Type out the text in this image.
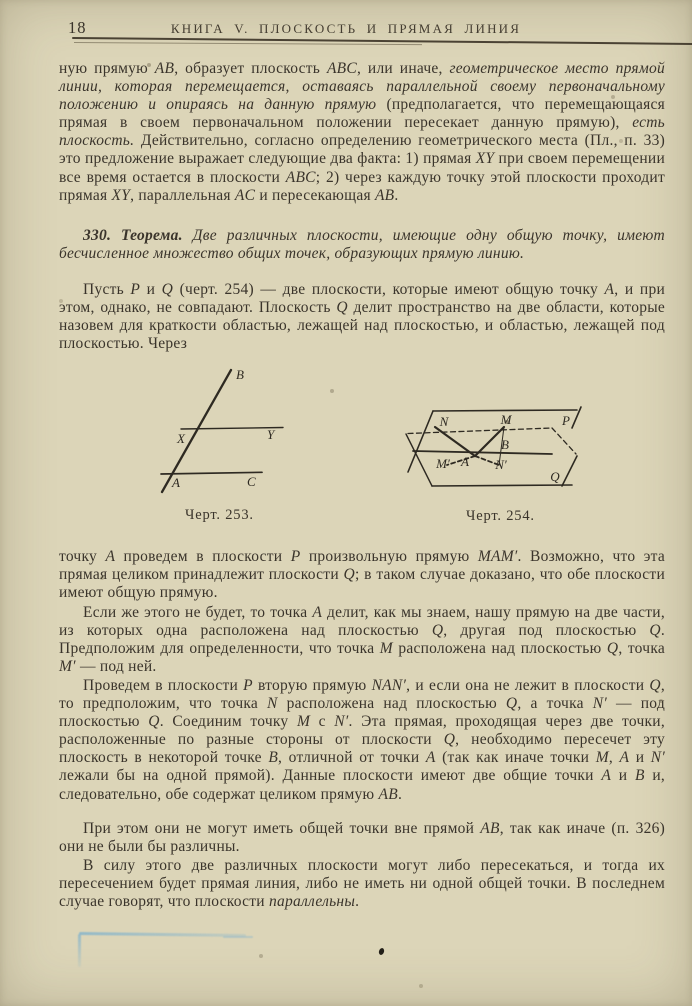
18	КНИГА V. ПЛОСКОСТЬ И ПРЯМАЯ ЛИНИЯ

ную прямую AB, образует плоскость ABC, или иначе, геометрическое место прямой линии, которая перемещается, оставаясь параллельной своему первоначальному положению и опираясь на данную прямую (предполагается, что перемещающаяся прямая в своем первоначальном положении пересекает данную прямую), есть плоскость. Действительно, согласно определению геометрического места (Пл., п. 33) это предложение выражает следующие два факта: 1) прямая XY при своем перемещении все время остается в плоскости ABC; 2) через каждую точку этой плоскости проходит прямая XY, параллельная AC и пересекающая AB.

330. Теорема. Две различных плоскости, имеющие одну общую точку, имеют бесчисленное множество общих точек, образующих прямую линию.

Пусть P и Q (черт. 254) — две плоскости, которые имеют общую точку A, и при этом, однако, не совпадают. Плоскость Q делит пространство на две области, которые назовем для краткости областью, лежащей над плоскостью, и областью, лежащей под плоскостью. Через

точку A проведем в плоскости P произвольную прямую MAM′. Возможно, что эта прямая целиком принадлежит плоскости Q; в таком случае доказано, что обе плоскости имеют общую прямую.

Если же этого не будет, то точка A делит, как мы знаем, нашу прямую на две части, из которых одна расположена над плоскостью Q, другая под плоскостью Q. Предположим для определенности, что точка M расположена над плоскостью Q, точка M′ — под ней.

Проведем в плоскости P вторую прямую NAN′, и если она не лежит в плоскости Q, то предположим, что точка N расположена над плоскостью Q, а точка N′ — под плоскостью Q. Соединим точку M с N′. Эта прямая, проходящая через две точки, расположенные по разные стороны от плоскости Q, необходимо пересечет эту плоскость в некоторой точке B, отличной от точки A (так как иначе точки M, A и N′ лежали бы на одной прямой). Данные плоскости имеют две общие точки A и B и, следовательно, обе содержат целиком прямую AB.

При этом они не могут иметь общей точки вне прямой AB, так как иначе (п. 326) они не были бы различны.

В силу этого две различных плоскости могут либо пересекаться, и тогда их пересечением будет прямая линия, либо не иметь ни одной общей точки. В последнем случае говорят, что плоскости параллельны.

B
X	Y
A	C
Черт. 253.
N	M	P
B
M′ A N′
Q
Черт. 254.
